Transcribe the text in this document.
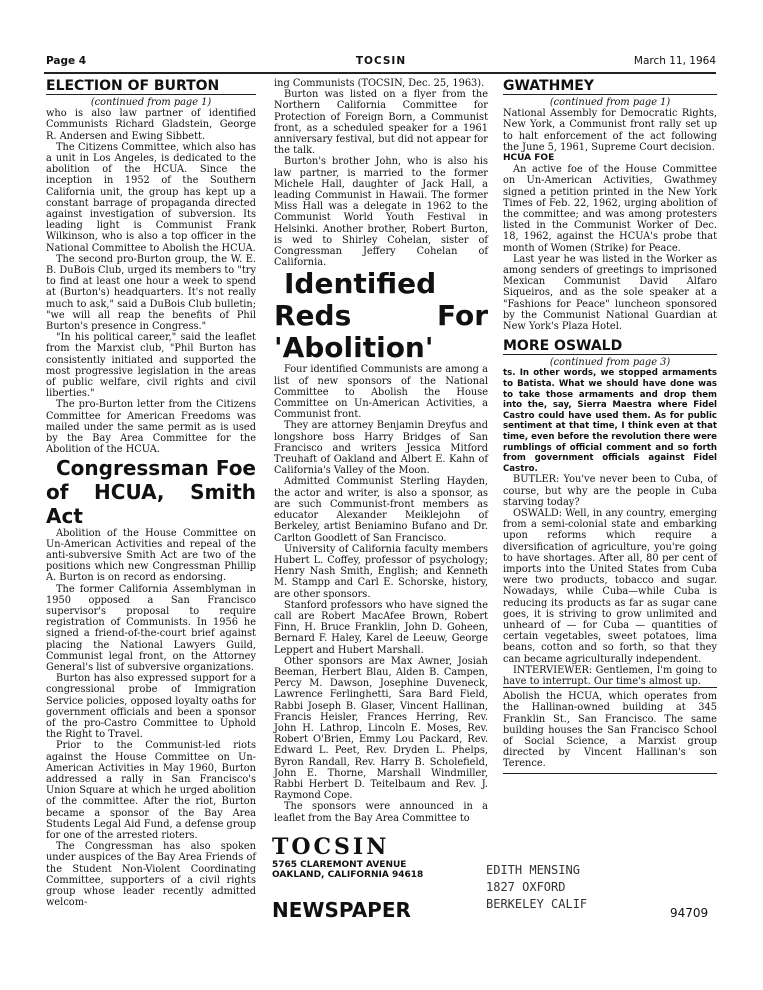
Page 4	TOCSIN	March 11, 1964
ELECTION OF BURTON
(continued from page 1)

who is also law partner of identified Communists Richard Gladstein, George R. Andersen and Ewing Sibbett.

The Citizens Committee, which also has a unit in Los Angeles, is dedicated to the abolition of the HCUA. Since the inception in 1952 of the Southern California unit, the group has kept up a constant barrage of propaganda directed against investigation of subversion. Its leading light is Communist Frank Wilkinson, who is also a top officer in the National Committee to Abolish the HCUA.

The second pro-Burton group, the W. E. B. DuBois Club, urged its members to "try to find at least one hour a week to spend at (Burton's) headquarters. It's not really much to ask," said a DuBois Club bulletin; "we will all reap the benefits of Phil Burton's presence in Congress."

"In his political career," said the leaflet from the Marxist club, "Phil Burton has consistently initiated and supported the most progressive legislation in the areas of public welfare, civil rights and civil liberties."

The pro-Burton letter from the Citizens Committee for American Freedoms was mailed under the same permit as is used by the Bay Area Committee for the Abolition of the HCUA.

Congressman Foe of HCUA, Smith Act

Abolition of the House Committee on Un-American Activities and repeal of the anti-subversive Smith Act are two of the positions which new Congressman Phillip A. Burton is on record as endorsing.

The former California Assemblyman in 1950 opposed a San Francisco supervisor's proposal to require registration of Communists. In 1956 he signed a friend-of-the-court brief against placing the National Lawyers Guild, Communist legal front, on the Attorney General's list of subversive organizations.

Burton has also expressed support for a congressional probe of Immigration Service policies, opposed loyalty oaths for government officials and been a sponsor of the pro-Castro Committee to Uphold the Right to Travel.

Prior to the Communist-led riots against the House Committee on Un-American Activities in May 1960, Burton addressed a rally in San Francisco's Union Square at which he urged abolition of the committee. After the riot, Burton became a sponsor of the Bay Area Students Legal Aid Fund, a defense group for one of the arrested rioters.

The Congressman has also spoken under auspices of the Bay Area Friends of the Student Non-Violent Coordinating Committee, supporters of a civil rights group whose leader recently admitted welcom-

ing Communists (TOCSIN, Dec. 25, 1963).

Burton was listed on a flyer from the Northern California Committee for Protection of Foreign Born, a Communist front, as a scheduled speaker for a 1961 anniversary festival, but did not appear for the talk.

Burton's brother John, who is also his law partner, is married to the former Michele Hall, daughter of Jack Hall, a leading Communist in Hawaii. The former Miss Hall was a delegate in 1962 to the Communist World Youth Festival in Helsinki. Another brother, Robert Burton, is wed to Shirley Cohelan, sister of Congressman Jeffery Cohelan of California.

Identified Reds For 'Abolition'

Four identified Communists are among a list of new sponsors of the National Committee to Abolish the House Committee on Un-American Activities, a Communist front.

They are attorney Benjamin Dreyfus and longshore boss Harry Bridges of San Francisco and writers Jessica Mitford Treuhaft of Oakland and Albert E. Kahn of California's Valley of the Moon.

Admitted Communist Sterling Hayden, the actor and writer, is also a sponsor, as are such Communist-front members as educator Alexander Meiklejohn of Berkeley, artist Beniamino Bufano and Dr. Carlton Goodlett of San Francisco.

University of California faculty members Hubert L. Coffey, professor of psychology; Henry Nash Smith, English; and Kenneth M. Stampp and Carl E. Schorske, history, are other sponsors.

Stanford professors who have signed the call are Robert MacAfee Brown, Robert Finn, H. Bruce Franklin, John D. Goheen, Bernard F. Haley, Karel de Leeuw, George Leppert and Hubert Marshall.

Other sponsors are Max Awner, Josiah Beeman, Herbert Blau, Alden B. Campen, Percy M. Dawson, Josephine Duveneck, Lawrence Ferlinghetti, Sara Bard Field, Rabbi Joseph B. Glaser, Vincent Hallinan, Francis Heisler, Frances Herring, Rev. John H. Lathrop, Lincoln E. Moses, Rev. Robert O'Brien, Emmy Lou Packard, Rev. Edward L. Peet, Rev. Dryden L. Phelps, Byron Randall, Rev. Harry B. Scholefield, John E. Thorne, Marshall Windmiller, Rabbi Herbert D. Teitelbaum and Rev. J. Raymond Cope.

The sponsors were announced in a leaflet from the Bay Area Committee to

GWATHMEY
(continued from page 1)

National Assembly for Democratic Rights, New York, a Communist front rally set up to halt enforcement of the act following the June 5, 1961, Supreme Court decision.

HCUA FOE

An active foe of the House Committee on Un-American Activities, Gwathmey signed a petition printed in the New York Times of Feb. 22, 1962, urging abolition of the committee; and was among protesters listed in the Communist Worker of Dec. 18, 1962, against the HCUA's probe that month of Women (Strike) for Peace.

Last year he was listed in the Worker as among senders of greetings to imprisoned Mexican Communist David Alfaro Siqueiros, and as the sole speaker at a "Fashions for Peace" luncheon sponsored by the Communist National Guardian at New York's Plaza Hotel.

MORE OSWALD
(continued from page 3)

ts. In other words, we stopped armaments to Batista. What we should have done was to take those armaments and drop them into the, say, Sierra Maestra where Fidel Castro could have used them. As for public sentiment at that time, I think even at that time, even before the revolution there were rumblings of official comment and so forth from government officials against Fidel Castro.

BUTLER: You've never been to Cuba, of course, but why are the people in Cuba starving today?

OSWALD: Well, in any country, emerging from a semi-colonial state and embarking upon reforms which require a diversification of agriculture, you're going to have shortages. After all, 80 per cent of imports into the United States from Cuba were two products, tobacco and sugar. Nowadays, while Cuba—while Cuba is reducing its products as far as sugar cane goes, it is striving to grow unlimited and unheard of — for Cuba — quantities of certain vegetables, sweet potatoes, lima beans, cotton and so forth, so that they can became agriculturally independent.

INTERVIEWER: Gentlemen, I'm going to have to interrupt. Our time's almost up.

Abolish the HCUA, which operates from the Hallinan-owned building at 345 Franklin St., San Francisco. The same building houses the San Francisco School of Social Science, a Marxist group directed by Vincent Hallinan's son Terence.

TOCSIN
5765 CLAREMONT AVENUE
OAKLAND, CALIFORNIA 94618
NEWSPAPER
EDITH MENSING
1827 OXFORD
BERKELEY CALIF
94709
